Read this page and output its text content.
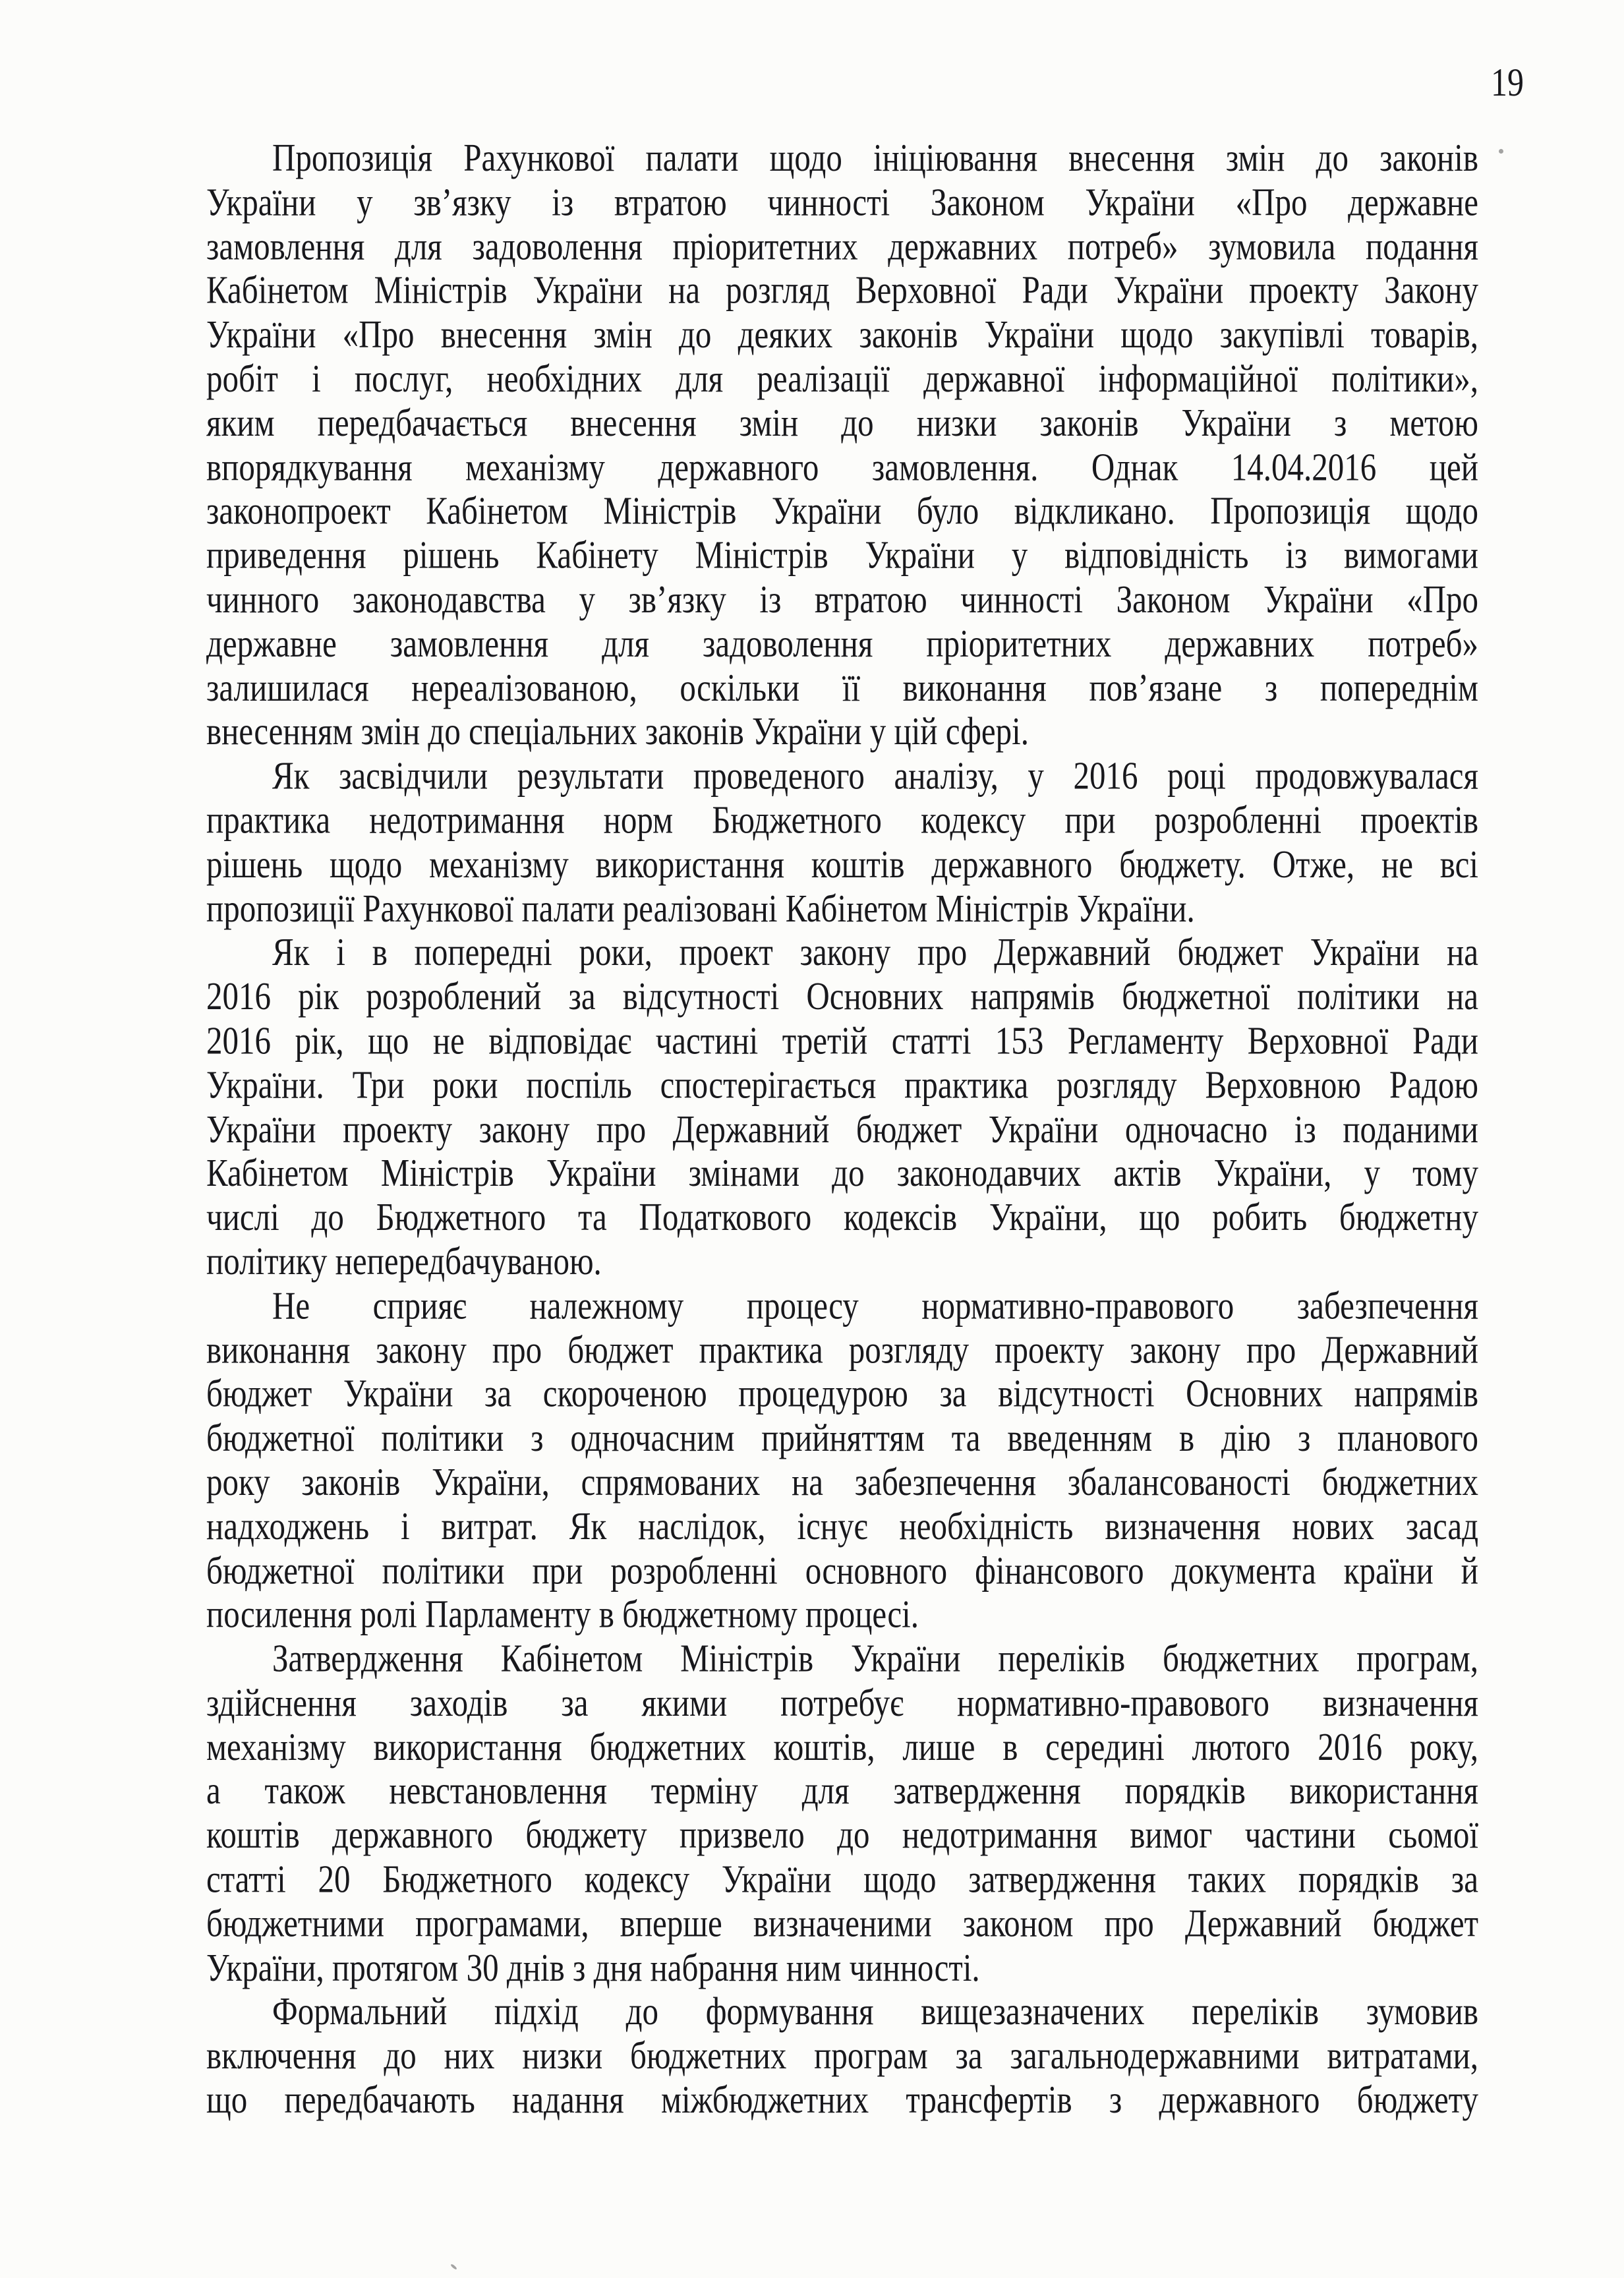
19
Пропозиція Рахункової палати щодо ініціювання внесення змін до законів
України у зв’язку із втратою чинності Законом України «Про державне
замовлення для задоволення пріоритетних державних потреб» зумовила подання
Кабінетом Міністрів України на розгляд Верховної Ради України проекту Закону
України «Про внесення змін до деяких законів України щодо закупівлі товарів,
робіт і послуг, необхідних для реалізації державної інформаційної політики»,
яким передбачається внесення змін до низки законів України з метою
впорядкування механізму державного замовлення. Однак 14.04.2016 цей
законопроект Кабінетом Міністрів України було відкликано. Пропозиція щодо
приведення рішень Кабінету Міністрів України у відповідність із вимогами
чинного законодавства у зв’язку із втратою чинності Законом України «Про
державне замовлення для задоволення пріоритетних державних потреб»
залишилася нереалізованою, оскільки її виконання пов’язане з попереднім
внесенням змін до спеціальних законів України у цій сфері.
Як засвідчили результати проведеного аналізу, у 2016 році продовжувалася
практика недотримання норм Бюджетного кодексу при розробленні проектів
рішень щодо механізму використання коштів державного бюджету. Отже, не всі
пропозиції Рахункової палати реалізовані Кабінетом Міністрів України.
Як і в попередні роки, проект закону про Державний бюджет України на
2016 рік розроблений за відсутності Основних напрямів бюджетної політики на
2016 рік, що не відповідає частині третій статті 153 Регламенту Верховної Ради
України. Три роки поспіль спостерігається практика розгляду Верховною Радою
України проекту закону про Державний бюджет України одночасно із поданими
Кабінетом Міністрів України змінами до законодавчих актів України, у тому
числі до Бюджетного та Податкового кодексів України, що робить бюджетну
політику непередбачуваною.
Не сприяє належному процесу нормативно-правового забезпечення
виконання закону про бюджет практика розгляду проекту закону про Державний
бюджет України за скороченою процедурою за відсутності Основних напрямів
бюджетної політики з одночасним прийняттям та введенням в дію з планового
року законів України, спрямованих на забезпечення збалансованості бюджетних
надходжень і витрат. Як наслідок, існує необхідність визначення нових засад
бюджетної політики при розробленні основного фінансового документа країни й
посилення ролі Парламенту в бюджетному процесі.
Затвердження Кабінетом Міністрів України переліків бюджетних програм,
здійснення заходів за якими потребує нормативно-правового визначення
механізму використання бюджетних коштів, лише в середині лютого 2016 року,
а також невстановлення терміну для затвердження порядків використання
коштів державного бюджету призвело до недотримання вимог частини сьомої
статті 20 Бюджетного кодексу України щодо затвердження таких порядків за
бюджетними програмами, вперше визначеними законом про Державний бюджет
України, протягом 30 днів з дня набрання ним чинності.
Формальний підхід до формування вищезазначених переліків зумовив
включення до них низки бюджетних програм за загальнодержавними витратами,
що передбачають надання міжбюджетних трансфертів з державного бюджету
